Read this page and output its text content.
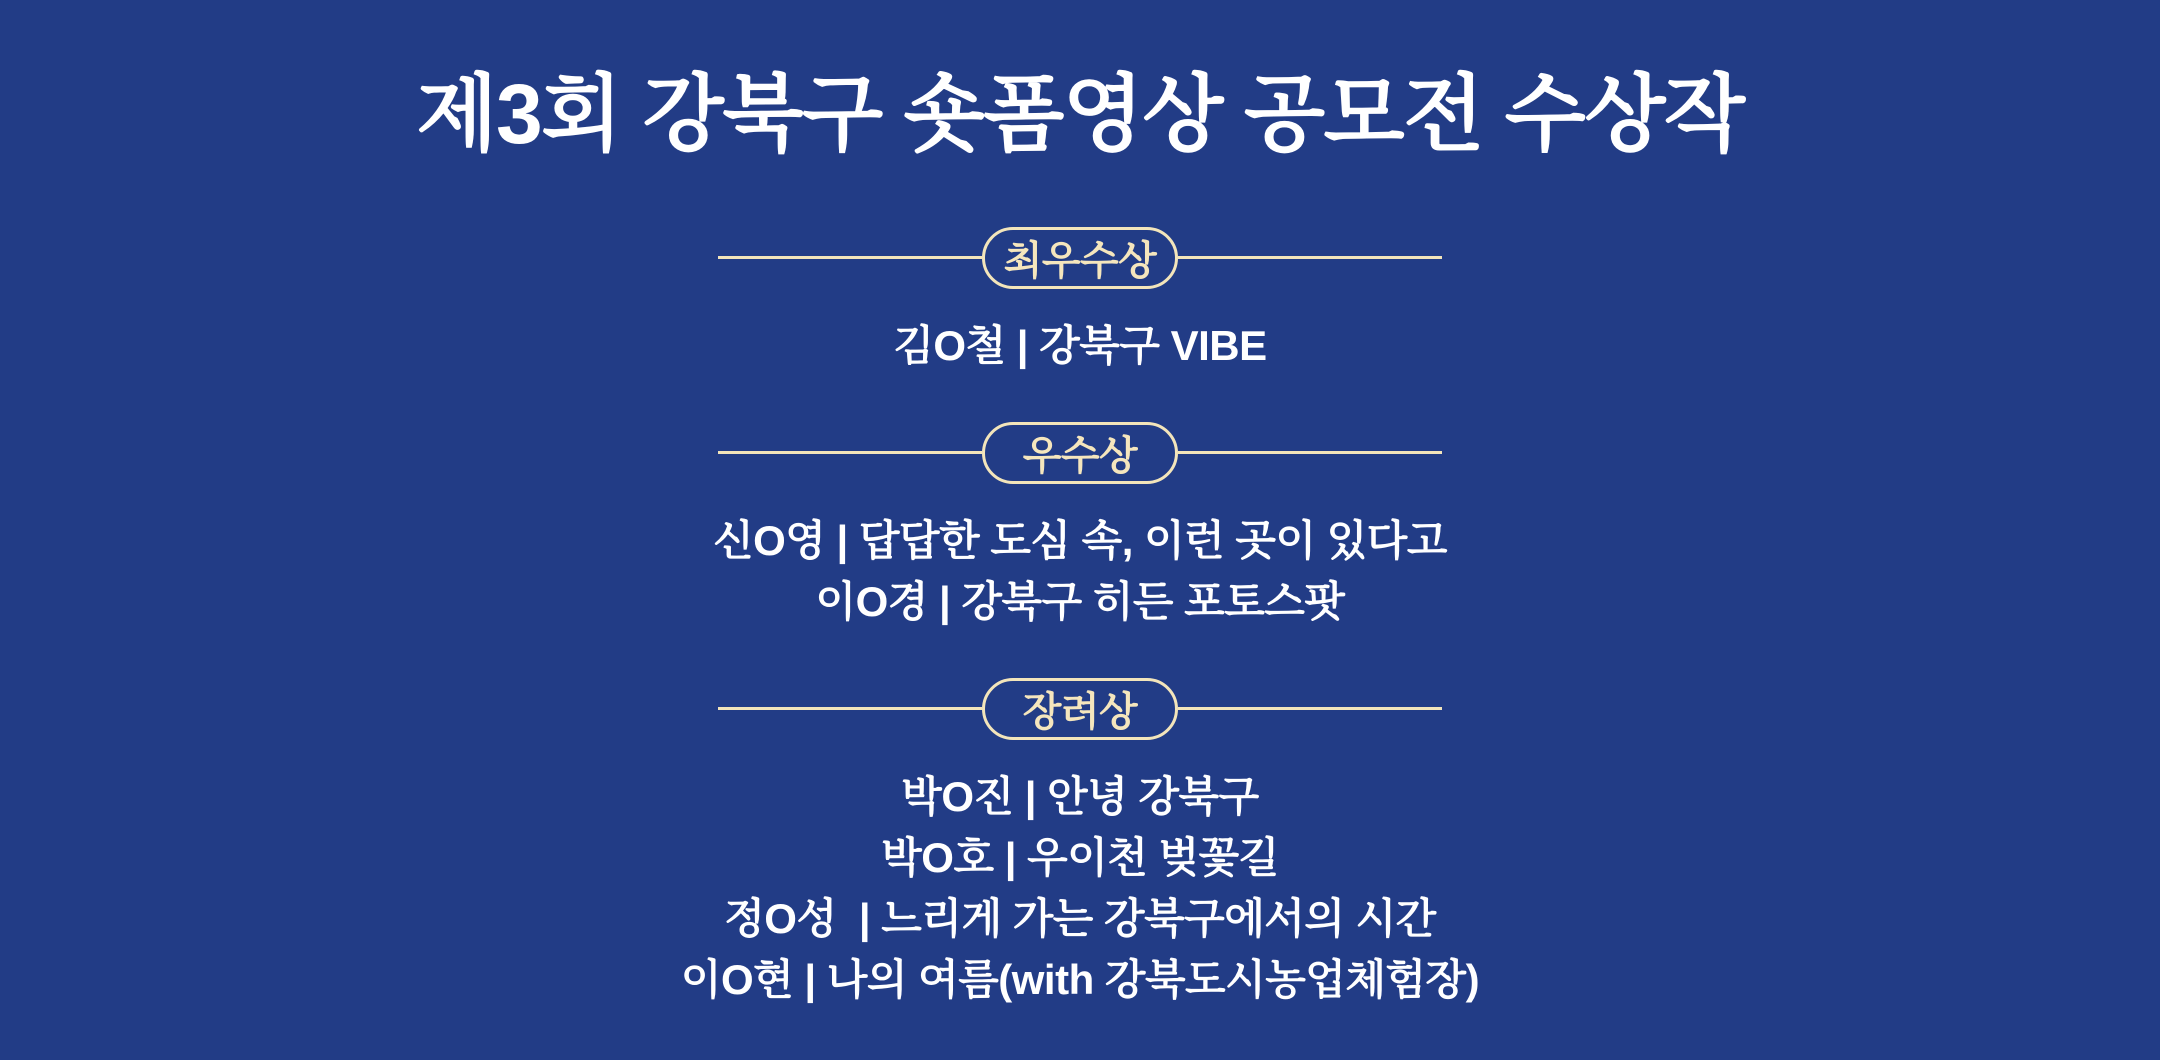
제3회 강북구 숏폼영상 공모전 수상작
최우수상
김O철 | 강북구 VIBE
우수상
신O영 | 답답한 도심 속, 이런 곳이 있다고
이O경 | 강북구 히든 포토스팟
장려상
박O진 | 안녕 강북구
박O호 | 우이천 벚꽃길
정O성  | 느리게 가는 강북구에서의 시간
이O현 | 나의 여름(with 강북도시농업체험장)
